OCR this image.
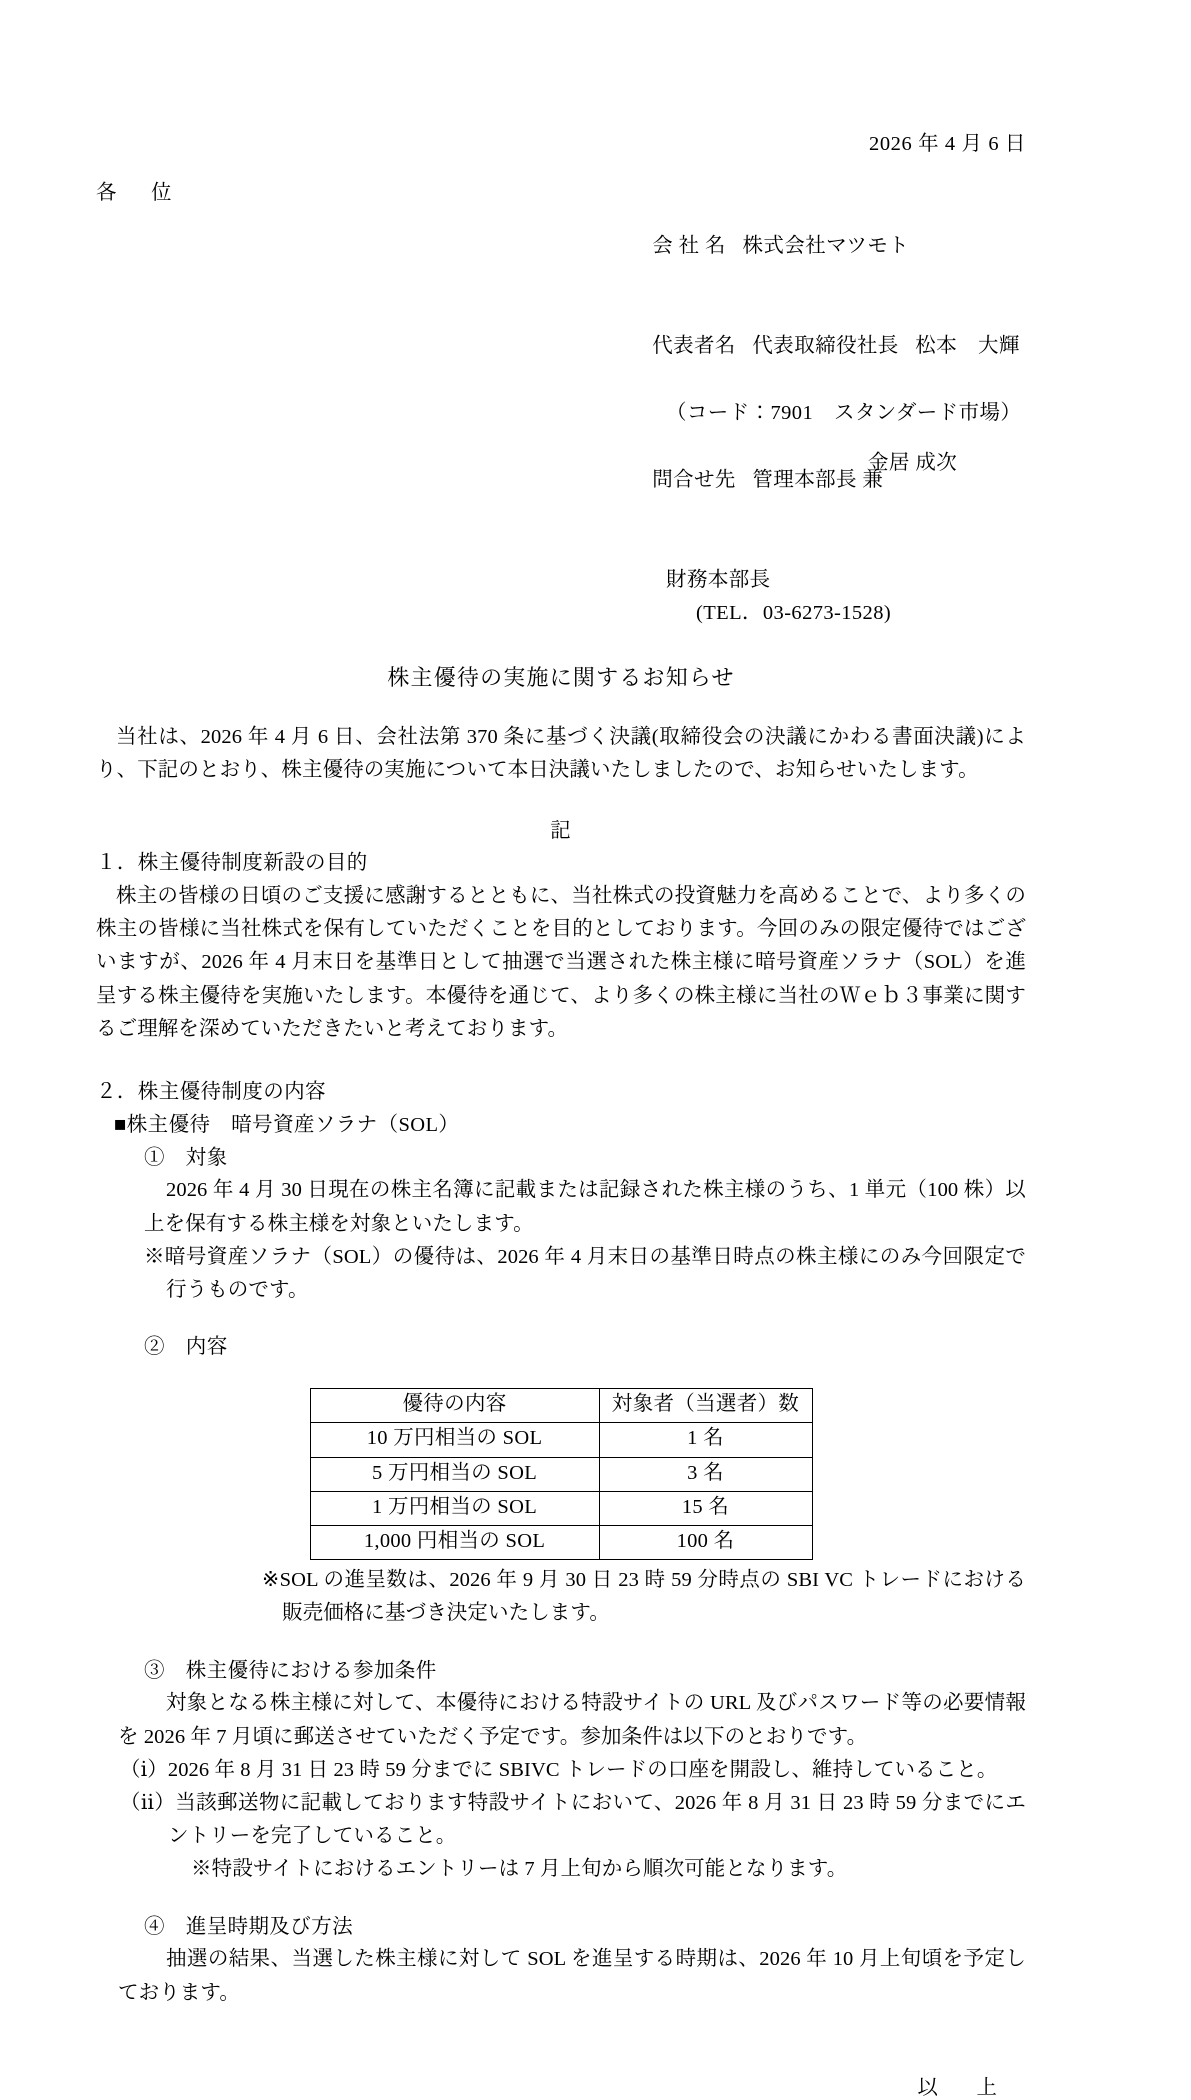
2026 年 4 月 6 日
各　位

会 社 名 株式会社マツモト

代表者名 代表取締役社長 松本　大輝

（コード：7901　スタンダード市場）

問合せ先 管理本部長 兼

金居 成次

財務本部長
(TEL．03-6273-1528)
株主優待の実施に関するお知らせ
当社は、2026 年 4 月 6 日、会社法第 370 条に基づく決議(取締役会の決議にかわる書面決議)により、下記のとおり、株主優待の実施について本日決議いたしましたので、お知らせいたします。
記
１．株主優待制度新設の目的
株主の皆様の日頃のご支援に感謝するとともに、当社株式の投資魅力を高めることで、より多くの株主の皆様に当社株式を保有していただくことを目的としております。今回のみの限定優待ではございますが、2026 年 4 月末日を基準日として抽選で当選された株主様に暗号資産ソラナ（SOL）を進呈する株主優待を実施いたします。本優待を通じて、より多くの株主様に当社のＷｅｂ３事業に関するご理解を深めていただきたいと考えております。
２．株主優待制度の内容
■株主優待　暗号資産ソラナ（SOL）
①　対象
2026 年 4 月 30 日現在の株主名簿に記載または記録された株主様のうち、1 単元（100 株）以上を保有する株主様を対象といたします。
※暗号資産ソラナ（SOL）の優待は、2026 年 4 月末日の基準日時点の株主様にのみ今回限定で行うものです。
②　内容
優待の内容	対象者（当選者）数
10 万円相当の SOL	1 名
5 万円相当の SOL	3 名
1 万円相当の SOL	15 名
1,000 円相当の SOL	100 名
※SOL の進呈数は、2026 年 9 月 30 日 23 時 59 分時点の SBI VC トレードにおける販売価格に基づき決定いたします。
③　株主優待における参加条件
対象となる株主様に対して、本優待における特設サイトの URL 及びパスワード等の必要情報を 2026 年 7 月頃に郵送させていただく予定です。参加条件は以下のとおりです。
（ⅰ）2026 年 8 月 31 日 23 時 59 分までに SBIVC トレードの口座を開設し、維持していること。
（ⅱ）当該郵送物に記載しております特設サイトにおいて、2026 年 8 月 31 日 23 時 59 分までにエントリーを完了していること。
※特設サイトにおけるエントリーは 7 月上旬から順次可能となります。
④　進呈時期及び方法
抽選の結果、当選した株主様に対して SOL を進呈する時期は、2026 年 10 月上旬頃を予定しております。
以　上
